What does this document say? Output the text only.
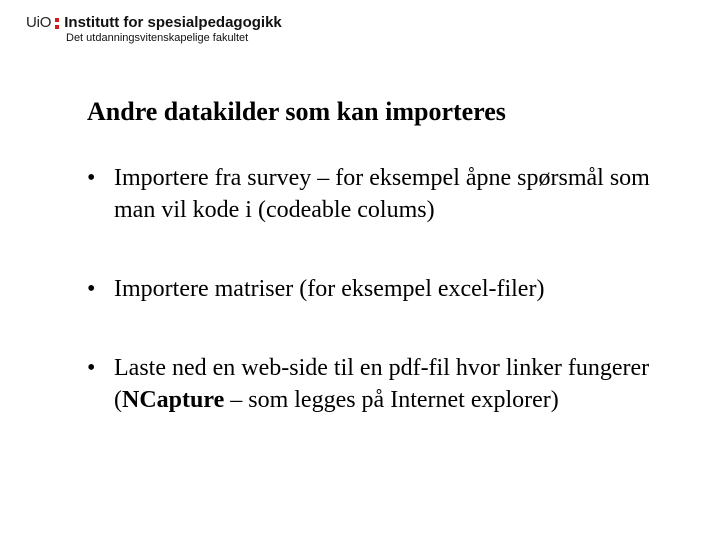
UiO Institutt for spesialpedagogikk
Det utdanningsvitenskapelige fakultet
Andre datakilder som kan importeres
• Importere fra survey – for eksempel åpne spørsmål som man vil kode i (codeable colums)
• Importere matriser (for eksempel excel-filer)
• Laste ned en web-side til en pdf-fil hvor linker fungerer (NCapture – som legges på Internet explorer)
